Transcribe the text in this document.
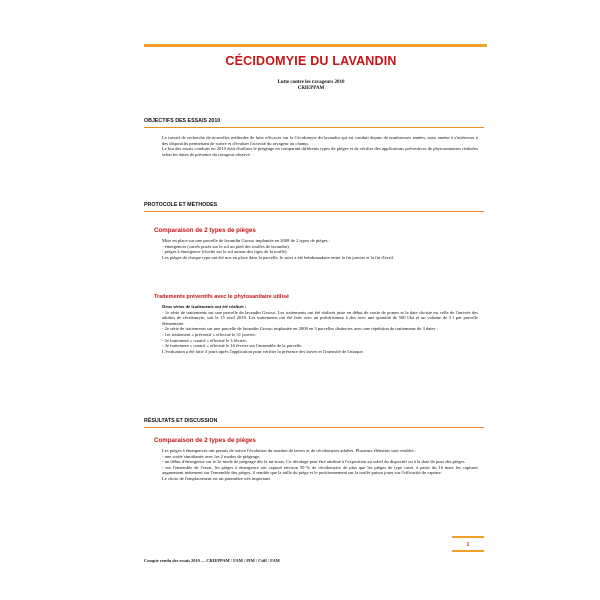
CÉCIDOMYIE DU LAVANDIN
Lutte contre les ravageurs 2010
CRIEPPAM
OBJECTIFS DES ESSAIS 2010

Le travail de recherche de nouvelles méthodes de lutte efficaces sur la Cécidomyie du lavandin qui est conduit depuis de nombreuses années, nous amène à s'intéresser à des dispositifs permettant de suivre et d'évaluer l'activité du ravageur au champ.

Le but des essais conduits en 2010 était d'utiliser le piégeage en comparant différents types de pièges et de vérifier des applications préventives de phytosanitaires réalisées selon les dates de présence du ravageur observé.

PROTOCOLE ET MÉTHODES
Comparaison de 2 types de pièges

Mise en place sur une parcelle de lavandin Grosso implantée en 2008 de 2 types de pièges :

- émergences (carrés posés sur le sol au pied des touffes de lavandin),

- pièges à émergence (cloche sur le sol autour des tiges de la touffe).

Les pièges de chaque type ont été mis en place dans la parcelle, le suivi a été hebdomadaire entre la fin janvier et la fin d'avril.

Traitements préventifs avec le phytosanitaire utilisé

Deux séries de traitements ont été réalisés :

- 1e série de traitements sur une parcelle de lavandin Grosso. Les traitements ont été réalisés juste en début de sortie de pontes et la date choisie est celle de l'arrivée des adultes de cécidomyie, soit le 15 avril 2010. Les traitements ont été faits avec un pulvérisateur à dos avec une quantité de 500 l/ha et un volume de 3 l par parcelle élémentaire.

- 2e série de traitements sur une parcelle de lavandin Grosso implantée en 2008 en 3 parcelles distinctes avec une répétition de traitements de 3 dates :

- 1er traitement « préventif » effectué le 31 janvier,

- 2e traitement « curatif » effectué le 3 février,

- 3e traitement « curatif » effectué le 16 février sur l'ensemble de la parcelle.

L'évaluation a été faite 3 jours après l'application pour vérifier la présence des larves et l'intensité de l'attaque.

RÉSULTATS ET DISCUSSION
Comparaison de 2 types de pièges

Les pièges à émergences ont permis de suivre l'évolution du nombre de larves et de cécidomyies adultes. Plusieurs éléments sont visibles :

- une sortie simultanée avec les 2 modes de piégeage,

- un début d'émergence sur le 2e mode de piégeage dès la mi-mars. Ce décalage peut être attribué à l'exposition au soleil du dispositif ou à la date de pose des pièges.

- sur l'ensemble de l'essai, les pièges à émergence ont capturé environ 50 % de cécidomyies de plus que les pièges de type carré, à partir du 16 mars les captures augmentent nettement sur l'ensemble des pièges, il semble que la taille du piège et le positionnement sur la touffe puisse jouer sur l'efficacité de capture.

Le choix de l'emplacement est un paramètre très important.

1
Compte rendu des essais 2010 — CRIEPPAM / FAM / PIM / Ctifl / FAM
